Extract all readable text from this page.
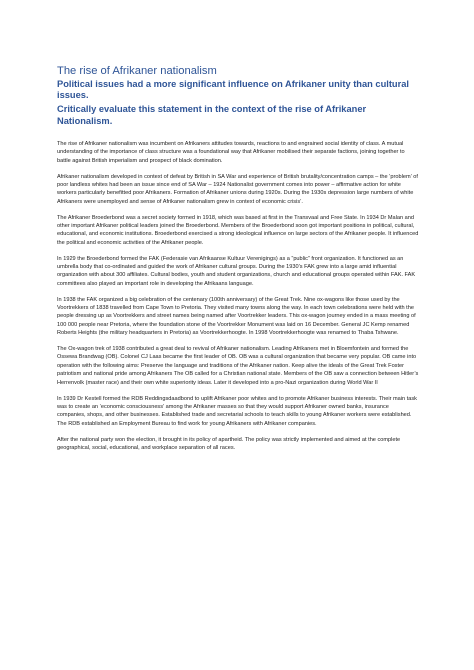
The rise of Afrikaner nationalism
Political issues had a more significant influence on Afrikaner unity than cultural issues.
Critically evaluate this statement in the context of the rise of Afrikaner Nationalism.

The rise of Afrikaner nationalism was incumbent on Afrikaners attitudes towards, reactions to and engrained social identity of class. A mutual understanding of the importance of class structure was a foundational way that Afrikaner mobilised their separate factions, joining together to battle against British imperialism and prospect of black domination.

Afrikaner nationalism developed in context of defeat by British in SA War and experience of British brutality/concentration camps – the ‘problem’ of poor landless whites had been an issue since end of SA War – 1924 Nationalist government comes into power – affirmative action for white workers particularly benefitted poor Afrikaners. Formation of Afrikaner unions during 1920s. During the 1930s depression large numbers of white Afrikaners were unemployed and sense of Afrikaner nationalism grew in context of economic crisis’.

The Afrikaner Broederbond was a secret society formed in 1918, which was based at first in the Transvaal and Free State. In 1934 Dr Malan and other important Afrikaner political leaders joined the Broederbond. Members of the Broederbond soon got important positions in political, cultural, educational, and economic institutions. Broederbond exercised a strong ideological influence on large sectors of the Afrikaner people. It influenced the political and economic activities of the Afrikaner people.

In 1929 the Broederbond formed the FAK (Federasie van Afrikaanse Kultuur Verenigings) as a “public” front organization. It functioned as an umbrella body that co-ordinated and guided the work of Afrikaner cultural groups. During the 1930’s FAK grew into a large amid influential organization with about 300 affiliates. Cultural bodies, youth and student organizations, church and educational groups operated within FAK. FAK committees also played an important role in developing the Afrikaans language.

In 1938 the FAK organized a big celebration of the centenary (100th anniversary) of the Great Trek. Nine ox-wagons like those used by the Voortrekkers of 1838 travelled from Cape Town to Pretoria. They visited many towns along the way. In each town celebrations were held with the people dressing up as Voortrekkers and street names being named after Voortrekker leaders. This ox-wagon journey ended in a mass meeting of 100 000 people near Pretoria, where the foundation stone of the Voortrekker Monument was laid on 16 December. General JC Kemp renamed Roberts Heights (the military headquarters in Pretoria) as Voortrekkerhoogte. In 1998 Voortrekkerhoogte was renamed to Thaba Tshwane.

The Ox-wagon trek of 1938 contributed a great deal to revival of Afrikaner nationalism. Leading Afrikaners met in Bloemfontein and formed the Ossewa Brandwag (OB). Colonel CJ Laas became the first leader of OB. OB was a cultural organization that became very popular. OB came into operation with the following aims: Preserve the language and traditions of the Afrikaner nation. Keep alive the ideals of the Great Trek Foster patriotism and national pride among Afrikaners The OB called for a Christian national state. Members of the OB saw a connection between Hitler’s Herrenvolk (master race) and their own white superiority ideas. Later it developed into a pro-Nazi organization during World War II

In 1939 Dr Kestell formed the RDB Reddingsdaadbond to uplift Afrikaner poor whites and to promote Afrikaner business interests. Their main task was to create an ‘economic consciousness’ among the Afrikaner masses so that they would support Afrikaner owned banks, insurance companies, shops, and other businesses. Established trade and secretarial schools to teach skills to young Afrikaner workers were established. The RDB established an Employment Bureau to find work for young Afrikaners with Afrikaner companies.

After the national party won the election, it brought in its policy of apartheid. The policy was strictly implemented and aimed at the complete geographical, social, educational, and workplace separation of all races.
